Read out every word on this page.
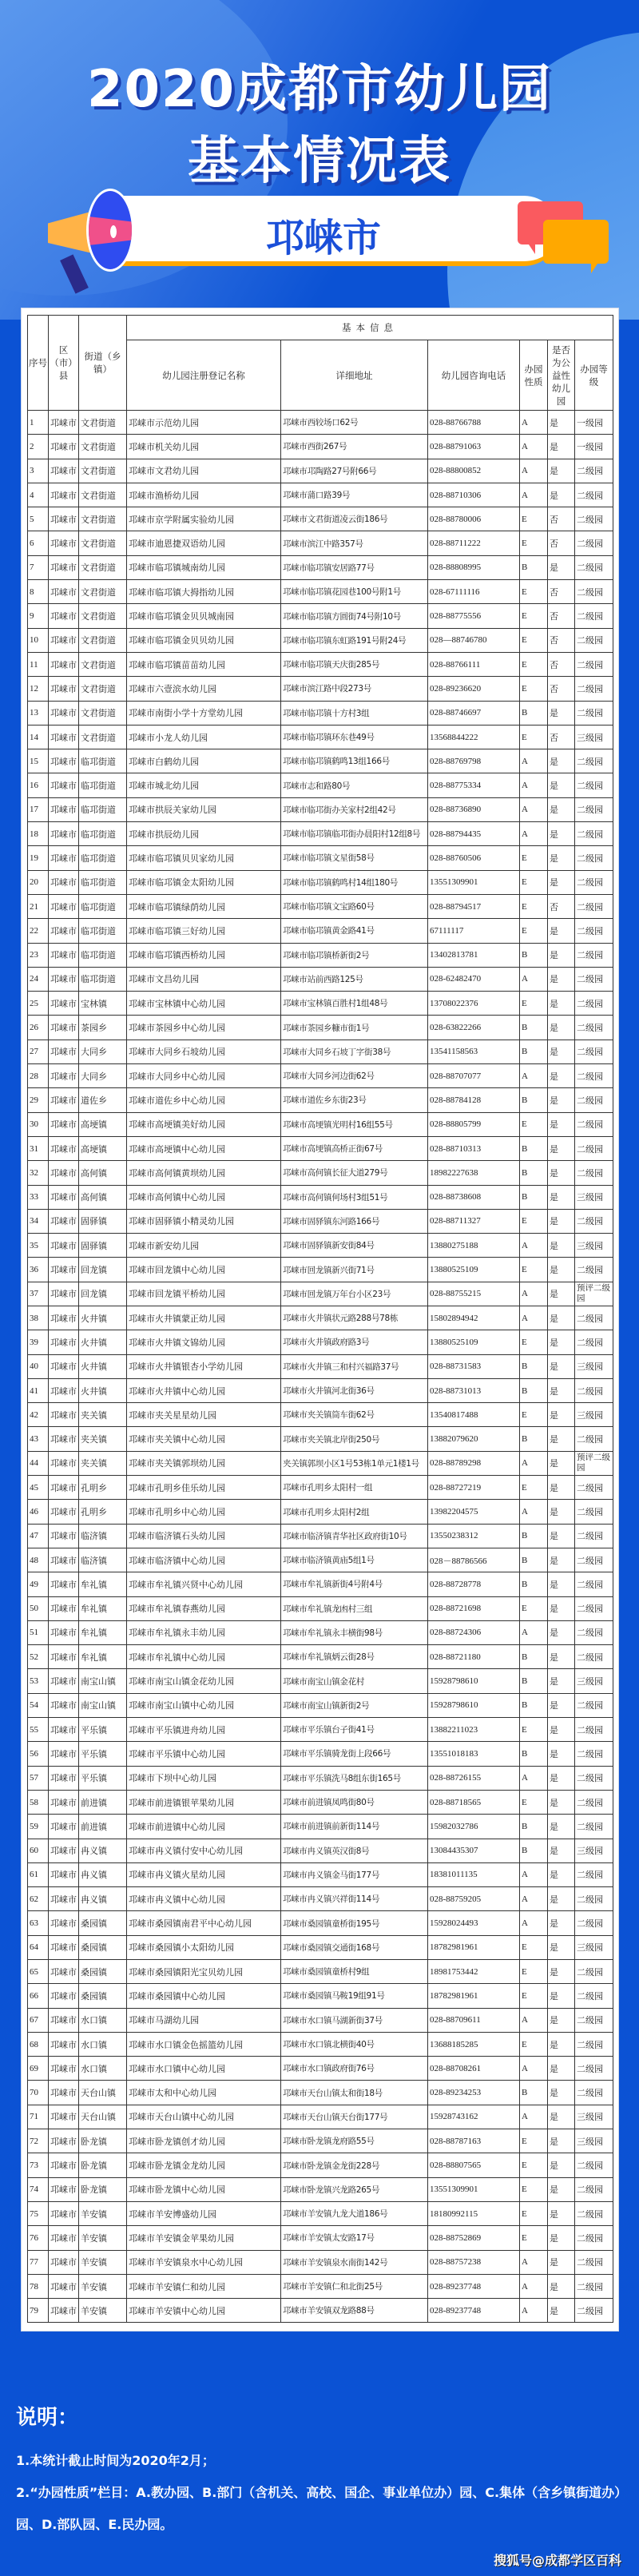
2020成都市幼儿园
基本情况表
邛崃市
序号	区（市）县	街道（乡镇）	基本信息					
			幼儿园注册登记名称	详细地址	幼儿园咨询电话	办园性质	是否为公益性幼儿园	办园等级
1	邛崃市	文君街道	邛崃市示范幼儿园	邛崃市西较场口62号	028-88766788	A	是	一级园
2	邛崃市	文君街道	邛崃市机关幼儿园	邛崃市西街267号	028-88791063	A	是	一级园
3	邛崃市	文君街道	邛崃市文君幼儿园	邛崃市邛陶路27号附66号	028-88800852	A	是	二级园
4	邛崃市	文君街道	邛崃市渔桥幼儿园	邛崃市蒲口路39号	028-88710306	A	是	二级园
5	邛崃市	文君街道	邛崃市京学附属实验幼儿园	邛崃市文君街道凌云街186号	028-88780006	E	否	二级园
6	邛崃市	文君街道	邛崃市迪恩捷双语幼儿园	邛崃市滨江中路357号	028-88711222	E	否	二级园
7	邛崃市	文君街道	邛崃市临邛镇城南幼儿园	邛崃市临邛镇安居路77号	028-88808995	B	是	二级园
8	邛崃市	文君街道	邛崃市临邛镇大拇指幼儿园	邛崃市临邛镇花园巷100号附1号	028-67111116	E	否	二级园
9	邛崃市	文君街道	邛崃市临邛镇金贝贝城南园	邛崃市临邛镇方圆街74号附10号	028-88775556	E	否	二级园
10	邛崃市	文君街道	邛崃市临邛镇金贝贝幼儿园	邛崃市临邛镇东虹路191号附24号	028—88746780	E	否	二级园
11	邛崃市	文君街道	邛崃市临邛镇苗苗幼儿园	邛崃市临邛镇天庆街285号	028-88766111	E	否	二级园
12	邛崃市	文君街道	邛崃市六壹滨水幼儿园	邛崃市滨江路中段273号	028-89236620	E	否	二级园
13	邛崃市	文君街道	邛崃市南街小学十方堂幼儿园	邛崃市临邛镇十方村3组	028-88746697	B	是	二级园
14	邛崃市	文君街道	邛崃市小龙人幼儿园	邛崃市临邛镇环东巷49号	13568844222	E	否	三级园
15	邛崃市	临邛街道	邛崃市白鹤幼儿园	邛崃市临邛镇鹤鸣13组166号	028-88769798	A	是	二级园
16	邛崃市	临邛街道	邛崃市城北幼儿园	邛崃市志和路80号	028-88775334	A	是	二级园
17	邛崃市	临邛街道	邛崃市拱辰关家幼儿园	邛崃市临邛街办关家村2组42号	028-88736890	A	是	二级园
18	邛崃市	临邛街道	邛崃市拱辰幼儿园	邛崃市临邛镇临邛街办晨阳村12组8号	028-88794435	A	是	二级园
19	邛崃市	临邛街道	邛崃市临邛镇贝贝家幼儿园	邛崃市临邛镇文星街58号	028-88760506	E	是	二级园
20	邛崃市	临邛街道	邛崃市临邛镇金太阳幼儿园	邛崃市临邛镇鹤鸣村14组180号	13551309901	E	是	二级园
21	邛崃市	临邛街道	邛崃市临邛镇绿荫幼儿园	邛崃市临邛镇文宝路60号	028-88794517	E	否	二级园
22	邛崃市	临邛街道	邛崃市临邛镇三好幼儿园	邛崃市临邛镇黄金路41号	67111117	E	是	二级园
23	邛崃市	临邛街道	邛崃市临邛镇西桥幼儿园	邛崃市临邛镇桥新街2号	13402813781	B	是	二级园
24	邛崃市	临邛街道	邛崃市文昌幼儿园	邛崃市站前西路125号	028-62482470	A	是	二级园
25	邛崃市	宝林镇	邛崃市宝林镇中心幼儿园	邛崃市宝林镇百胜村1组48号	13708022376	E	是	二级园
26	邛崃市	茶园乡	邛崃市茶园乡中心幼儿园	邛崃市茶园乡糠市街1号	028-63822266	B	是	二级园
27	邛崃市	大同乡	邛崃市大同乡石坡幼儿园	邛崃市大同乡石坡丁字街38号	13541158563	B	是	二级园
28	邛崃市	大同乡	邛崃市大同乡中心幼儿园	邛崃市大同乡河边街62号	028-88707077	A	是	二级园
29	邛崃市	道佐乡	邛崃市道佐乡中心幼儿园	邛崃市道佐乡东街23号	028-88784128	B	是	二级园
30	邛崃市	高埂镇	邛崃市高埂镇美好幼儿园	邛崃市高埂镇光明村16组55号	028-88805799	E	是	二级园
31	邛崃市	高埂镇	邛崃市高埂镇中心幼儿园	邛崃市高埂镇高桥正街67号	028-88710313	B	是	二级园
32	邛崃市	高何镇	邛崃市高何镇黄坝幼儿园	邛崃市高何镇长征大道279号	18982227638	B	是	二级园
33	邛崃市	高何镇	邛崃市高何镇中心幼儿园	邛崃市高何镇何场村3组51号	028-88738608	B	是	三级园
34	邛崃市	固驿镇	邛崃市固驿镇小精灵幼儿园	邛崃市固驿镇东河路166号	028-88711327	E	是	二级园
35	邛崃市	固驿镇	邛崃市新安幼儿园	邛崃市固驿镇新安街84号	13880275188	A	是	三级园
36	邛崃市	回龙镇	邛崃市回龙镇中心幼儿园	邛崃市回龙镇新兴街71号	13880525109	E	是	二级园
37	邛崃市	回龙镇	邛崃市回龙镇平桥幼儿园	邛崃市回龙镇万年台小区23号	028-88755215	A	是	预评二级园
38	邛崃市	火井镇	邛崃市火井镇蒙正幼儿园	邛崃市火井镇状元路288号78栋	15802894942	A	是	二级园
39	邛崃市	火井镇	邛崃市火井镇文锦幼儿园	邛崃市火井镇政府路3号	13880525109	E	是	二级园
40	邛崃市	火井镇	邛崃市火井镇银杏小学幼儿园	邛崃市火井镇三和村兴福路37号	028-88731583	B	是	三级园
41	邛崃市	火井镇	邛崃市火井镇中心幼儿园	邛崃市火井镇河北街36号	028-88731013	B	是	二级园
42	邛崃市	夹关镇	邛崃市夹关星星幼儿园	邛崃市夹关镇筒车街62号	13540817488	E	是	三级园
43	邛崃市	夹关镇	邛崃市夹关镇中心幼儿园	邛崃市夹关镇北岸街250号	13882079620	B	是	二级园
44	邛崃市	夹关镇	邛崃市夹关镇郭坝幼儿园	夹关镇郭坝小区1号53栋1单元1楼1号	028-88789298	A	是	预评二级园
45	邛崃市	孔明乡	邛崃市孔明乡佳乐幼儿园	邛崃市孔明乡太阳村一组	028-88727219	E	是	二级园
46	邛崃市	孔明乡	邛崃市孔明乡中心幼儿园	邛崃市孔明乡太阳村2组	13982204575	A	是	二级园
47	邛崃市	临济镇	邛崃市临济镇石头幼儿园	邛崃市临济镇青华社区政府街10号	13550238312	B	是	二级园
48	邛崃市	临济镇	邛崃市临济镇中心幼儿园	邛崃市临济镇黄庙5组1号	028－88786566	B	是	二级园
49	邛崃市	牟礼镇	邛崃市牟礼镇兴贤中心幼儿园	邛崃市牟礼镇新街4号附4号	028-88728778	B	是	二级园
50	邛崃市	牟礼镇	邛崃市牟礼镇春燕幼儿园	邛崃市牟礼镇龙凼村三组	028-88721698	E	是	二级园
51	邛崃市	牟礼镇	邛崃市牟礼镇永丰幼儿园	邛崃市牟礼镇永丰横街98号	028-88724306	A	是	二级园
52	邛崃市	牟礼镇	邛崃市牟礼镇中心幼儿园	邛崃市牟礼镇炳云街28号	028-88721180	B	是	二级园
53	邛崃市	南宝山镇	邛崃市南宝山镇金花幼儿园	邛崃市南宝山镇金花村	15928798610	B	是	三级园
54	邛崃市	南宝山镇	邛崃市南宝山镇中心幼儿园	邛崃市南宝山镇新街2号	15928798610	B	是	二级园
55	邛崃市	平乐镇	邛崃市平乐镇进舟幼儿园	邛崃市平乐镇台子街41号	13882211023	E	是	二级园
56	邛崃市	平乐镇	邛崃市平乐镇中心幼儿园	邛崃市平乐镇骑龙街上段66号	13551018183	B	是	二级园
57	邛崃市	平乐镇	邛崃市下坝中心幼儿园	邛崃市平乐镇洗马8组东街165号	028-88726155	A	是	二级园
58	邛崃市	前进镇	邛崃市前进镇银苹果幼儿园	邛崃市前进镇凤鸣街80号	028-88718565	E	是	二级园
59	邛崃市	前进镇	邛崃市前进镇中心幼儿园	邛崃市前进镇前新街114号	15982032786	B	是	二级园
60	邛崃市	冉义镇	邛崃市冉义镇付安中心幼儿园	邛崃市冉义镇英汉街8号	13084435307	B	是	三级园
61	邛崃市	冉义镇	邛崃市冉义镇火星幼儿园	邛崃市冉义镇金马街177号	18381011135	A	是	二级园
62	邛崃市	冉义镇	邛崃市冉义镇中心幼儿园	邛崃市冉义镇兴祥街114号	028-88759205	A	是	二级园
63	邛崃市	桑园镇	邛崃市桑园镇南君平中心幼儿园	邛崃市桑园镇童桥街195号	15928024493	A	是	二级园
64	邛崃市	桑园镇	邛崃市桑园镇小太阳幼儿园	邛崃市桑园镇交通街168号	18782981961	E	是	三级园
65	邛崃市	桑园镇	邛崃市桑园镇阳光宝贝幼儿园	邛崃市桑园镇童桥村9组	18981753442	E	是	二级园
66	邛崃市	桑园镇	邛崃市桑园镇中心幼儿园	邛崃市桑园镇马鞍19组91号	18782981961	E	是	二级园
67	邛崃市	水口镇	邛崃市马湖幼儿园	邛崃市水口镇马湖新街37号	028-88709611	A	是	二级园
68	邛崃市	水口镇	邛崃市水口镇金色摇篮幼儿园	邛崃市水口镇北横街40号	13688185285	E	是	二级园
69	邛崃市	水口镇	邛崃市水口镇中心幼儿园	邛崃市水口镇政府街76号	028-88708261	A	是	二级园
70	邛崃市	天台山镇	邛崃市太和中心幼儿园	邛崃市天台山镇太和街18号	028-89234253	B	是	二级园
71	邛崃市	天台山镇	邛崃市天台山镇中心幼儿园	邛崃市天台山镇天台街177号	15928743162	A	是	三级园
72	邛崃市	卧龙镇	邛崃市卧龙镇创才幼儿园	邛崃市卧龙镇龙府路55号	028-88787163	E	是	三级园
73	邛崃市	卧龙镇	邛崃市卧龙镇金龙幼儿园	邛崃市卧龙镇金龙街228号	028-88807565	E	是	二级园
74	邛崃市	卧龙镇	邛崃市卧龙镇中心幼儿园	邛崃市卧龙镇兴龙路265号	13551309901	E	是	二级园
75	邛崃市	羊安镇	邛崃市羊安博盛幼儿园	邛崃市羊安镇九龙大道186号	18180992115	E	是	二级园
76	邛崃市	羊安镇	邛崃市羊安镇金苹果幼儿园	邛崃市羊安镇太安路17号	028-88752869	E	是	二级园
77	邛崃市	羊安镇	邛崃市羊安镇泉水中心幼儿园	邛崃市羊安镇泉水南街142号	028-88757238	A	是	二级园
78	邛崃市	羊安镇	邛崃市羊安镇仁和幼儿园	邛崃市羊安镇仁和北街25号	028-89237748	A	是	二级园
79	邛崃市	羊安镇	邛崃市羊安镇中心幼儿园	邛崃市羊安镇双龙路88号	028-89237748	A	是	二级园
说明：

1.本统计截止时间为2020年2月；

2.“办园性质”栏目：A.教办园、B.部门（含机关、高校、国企、事业单位办）园、C.集体（含乡镇街道办）园、D.部队园、E.民办园。

搜狐号@成都学区百科
